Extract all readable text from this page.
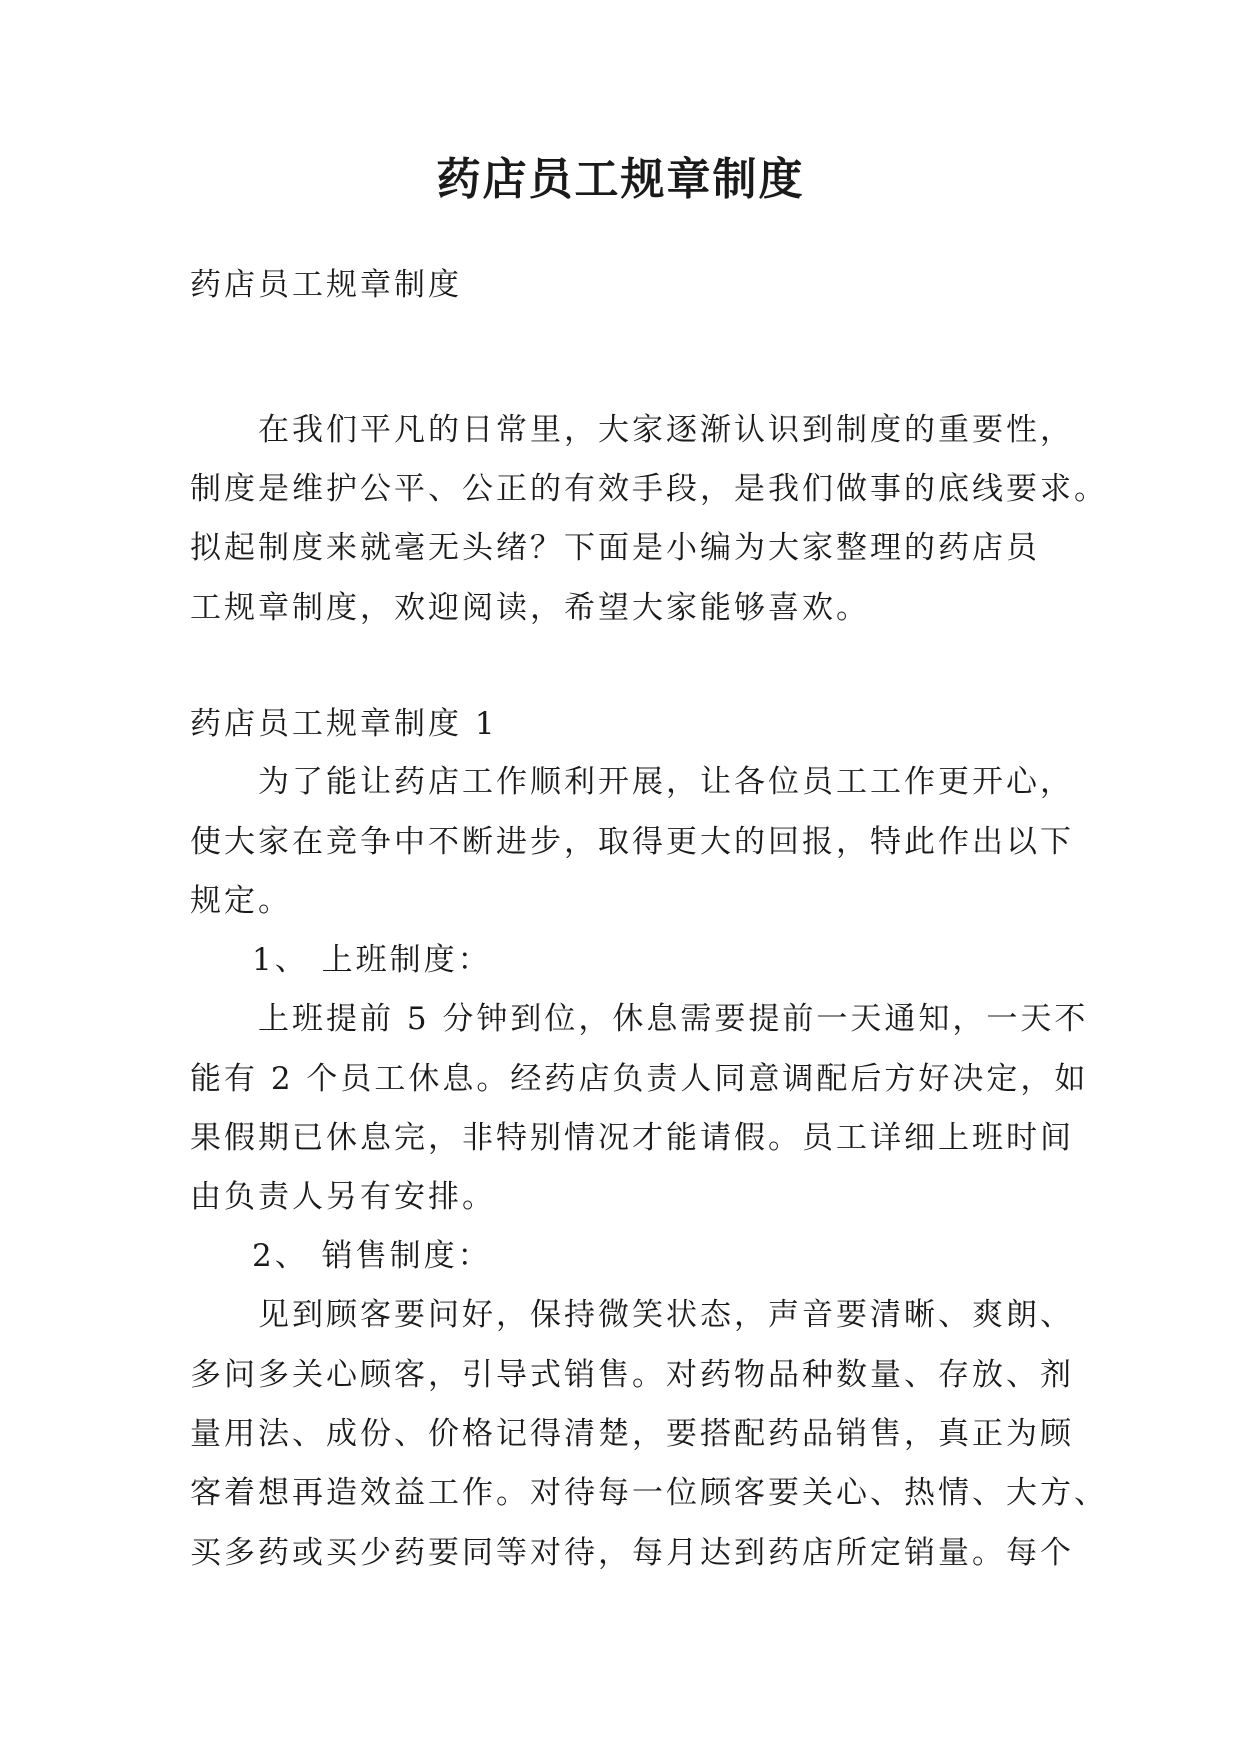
药店员工规章制度
药店员工规章制度
在我们平凡的日常里，大家逐渐认识到制度的重要性，
制度是维护公平、公正的有效手段，是我们做事的底线要求。
拟起制度来就毫无头绪？下面是小编为大家整理的药店员
工规章制度，欢迎阅读，希望大家能够喜欢。
药店员工规章制度 1
为了能让药店工作顺利开展，让各位员工工作更开心，
使大家在竞争中不断进步，取得更大的回报，特此作出以下
规定。
1、 上班制度：
上班提前 5 分钟到位，休息需要提前一天通知，一天不
能有 2 个员工休息。经药店负责人同意调配后方好决定，如
果假期已休息完，非特别情况才能请假。员工详细上班时间
由负责人另有安排。
2、 销售制度：
见到顾客要问好，保持微笑状态，声音要清晰、爽朗、
多问多关心顾客，引导式销售。对药物品种数量、存放、剂
量用法、成份、价格记得清楚，要搭配药品销售，真正为顾
客着想再造效益工作。对待每一位顾客要关心、热情、大方、
买多药或买少药要同等对待，每月达到药店所定销量。每个
